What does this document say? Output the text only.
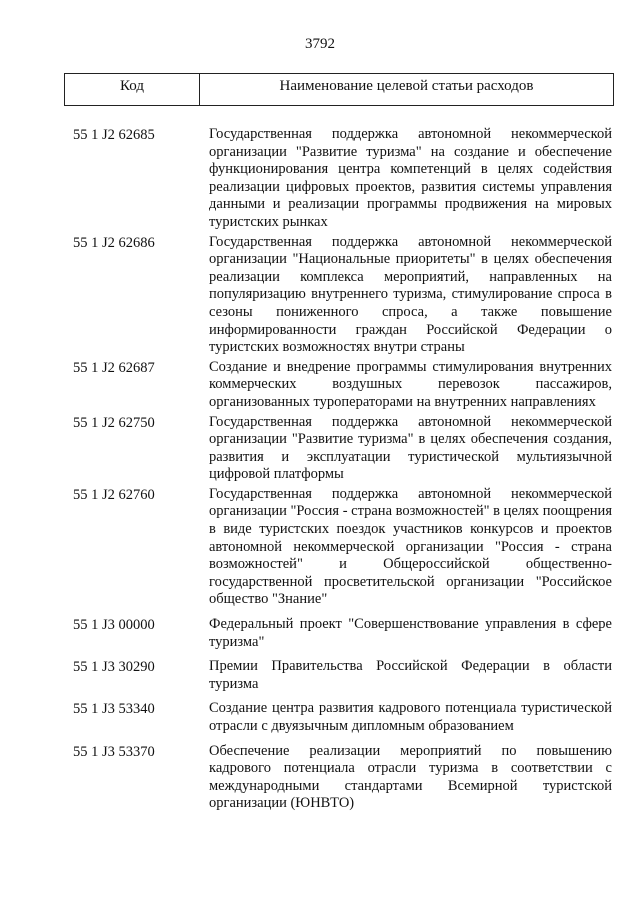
3792
Код	Наименование целевой статьи расходов
55 1 J2 62685	Государственная поддержка автономной некоммерческой организации "Развитие туризма" на создание и обеспечение функционирования центра компетенций в целях содействия реализации цифровых проектов, развития системы управления данными и реализации программы продвижения на мировых туристских рынках
55 1 J2 62686	Государственная поддержка автономной некоммерческой организации "Национальные приоритеты" в целях обеспечения реализации комплекса мероприятий, направленных на популяризацию внутреннего туризма, стимулирование спроса в сезоны пониженного спроса, а также повышение информированности граждан Российской Федерации о туристских возможностях внутри страны
55 1 J2 62687	Создание и внедрение программы стимулирования внутренних коммерческих воздушных перевозок пассажиров, организованных туроператорами на внутренних направлениях
55 1 J2 62750	Государственная поддержка автономной некоммерческой организации "Развитие туризма" в целях обеспечения создания, развития и эксплуатации туристической мультиязычной цифровой платформы
55 1 J2 62760	Государственная поддержка автономной некоммерческой организации "Россия - страна возможностей" в целях поощрения в виде туристских поездок участников конкурсов и проектов автономной некоммерческой организации "Россия - страна возможностей" и Общероссийской общественно-государственной просветительской организации "Российское общество "Знание"
55 1 J3 00000	Федеральный проект "Совершенствование управления в сфере туризма"
55 1 J3 30290	Премии Правительства Российской Федерации в области туризма
55 1 J3 53340	Создание центра развития кадрового потенциала туристической отрасли с двуязычным дипломным образованием
55 1 J3 53370	Обеспечение реализации мероприятий по повышению кадрового потенциала отрасли туризма в соответствии с международными стандартами Всемирной туристской организации (ЮНВТО)
